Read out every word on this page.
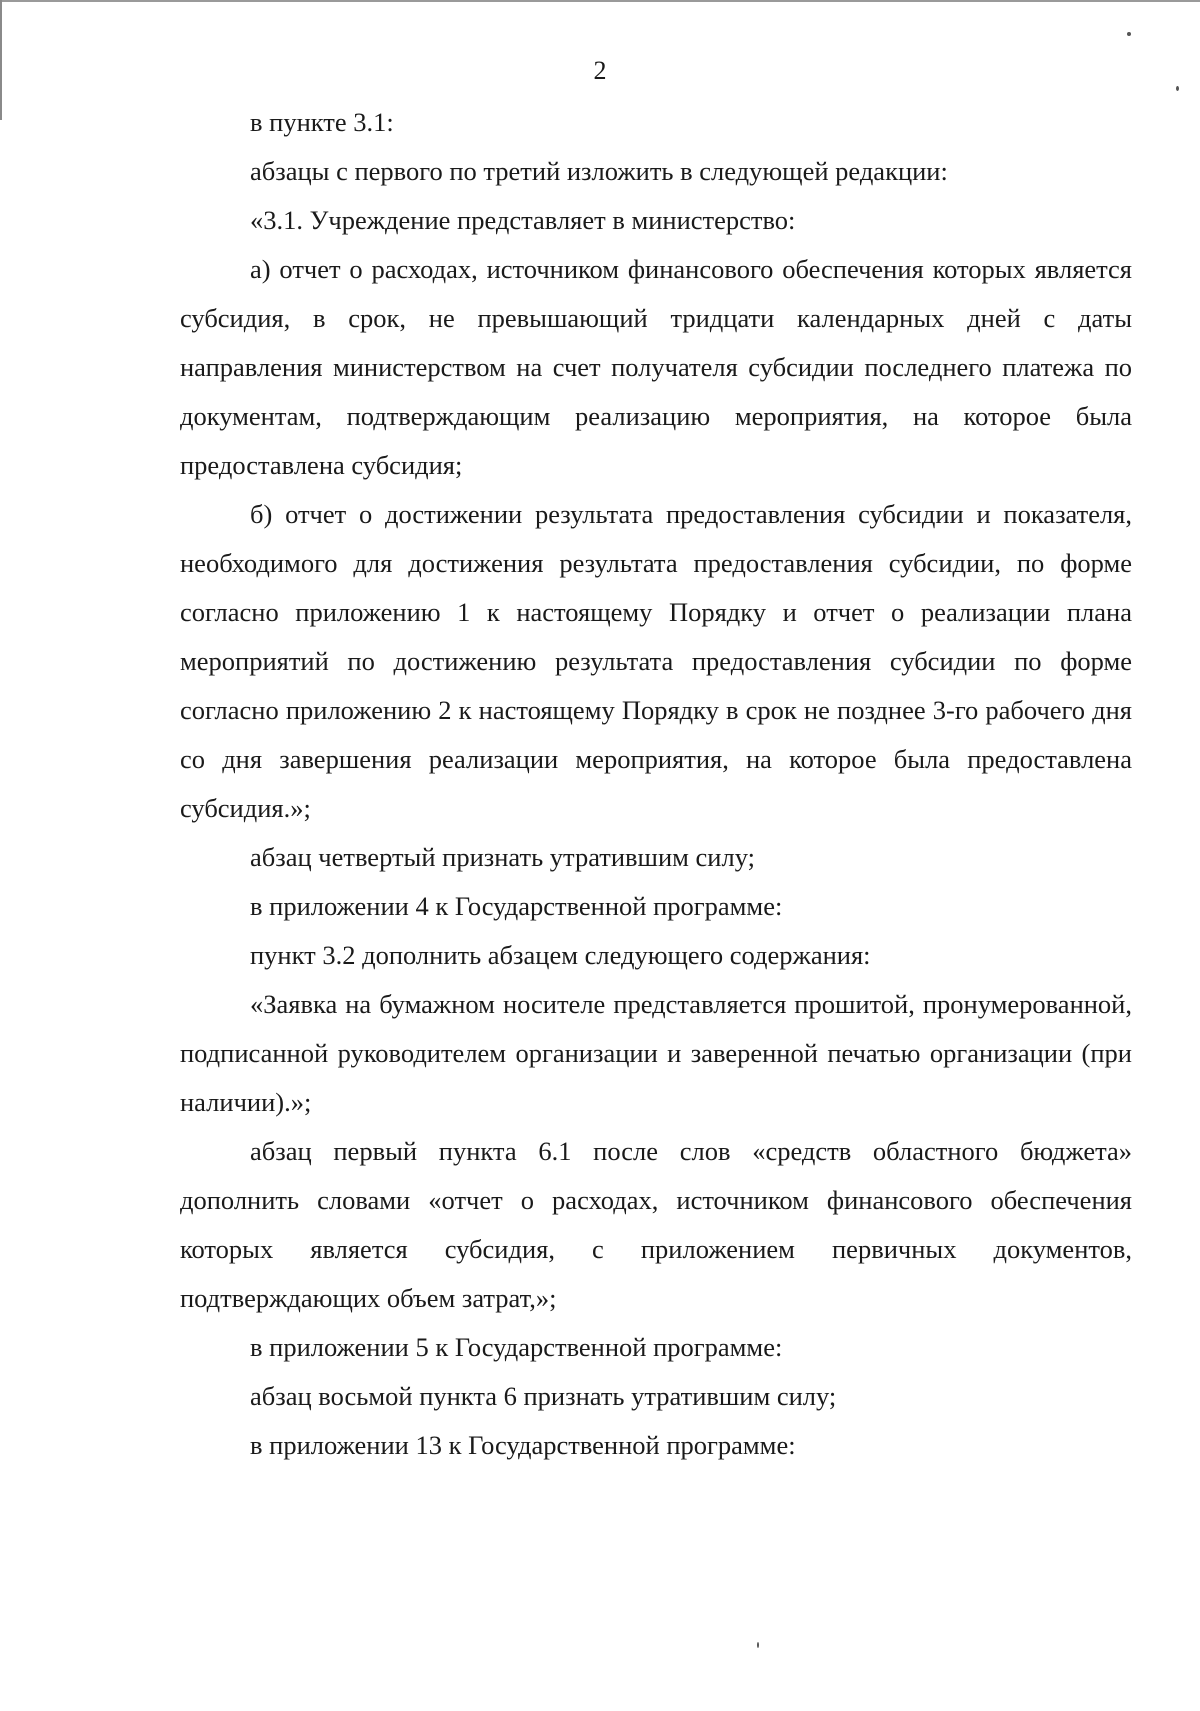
2

в пункте 3.1:

абзацы с первого по третий изложить в следующей редакции:

«3.1. Учреждение представляет в министерство:

а) отчет о расходах, источником финансового обеспечения которых является субсидия, в срок, не превышающий тридцати календарных дней с даты направления министерством на счет получателя субсидии последнего платежа по документам, подтверждающим реализацию мероприятия, на которое была предоставлена субсидия;

б) отчет о достижении результата предоставления субсидии и показателя, необходимого для достижения результата предоставления субсидии, по форме согласно приложению 1 к настоящему Порядку и отчет о реализации плана мероприятий по достижению результата предоставления субсидии по форме согласно приложению 2 к настоящему Порядку в срок не позднее 3-го рабочего дня со дня завершения реализации мероприятия, на которое была предоставлена субсидия.»;

абзац четвертый признать утратившим силу;

в приложении 4 к Государственной программе:

пункт 3.2 дополнить абзацем следующего содержания:

«Заявка на бумажном носителе представляется прошитой, пронумерованной, подписанной руководителем организации и заверенной печатью организации (при наличии).»;

абзац первый пункта 6.1 после слов «средств областного бюджета» дополнить словами «отчет о расходах, источником финансового обеспечения которых является субсидия, с приложением первичных документов, подтверждающих объем затрат,»;

в приложении 5 к Государственной программе:

абзац восьмой пункта 6 признать утратившим силу;

в приложении 13 к Государственной программе:
